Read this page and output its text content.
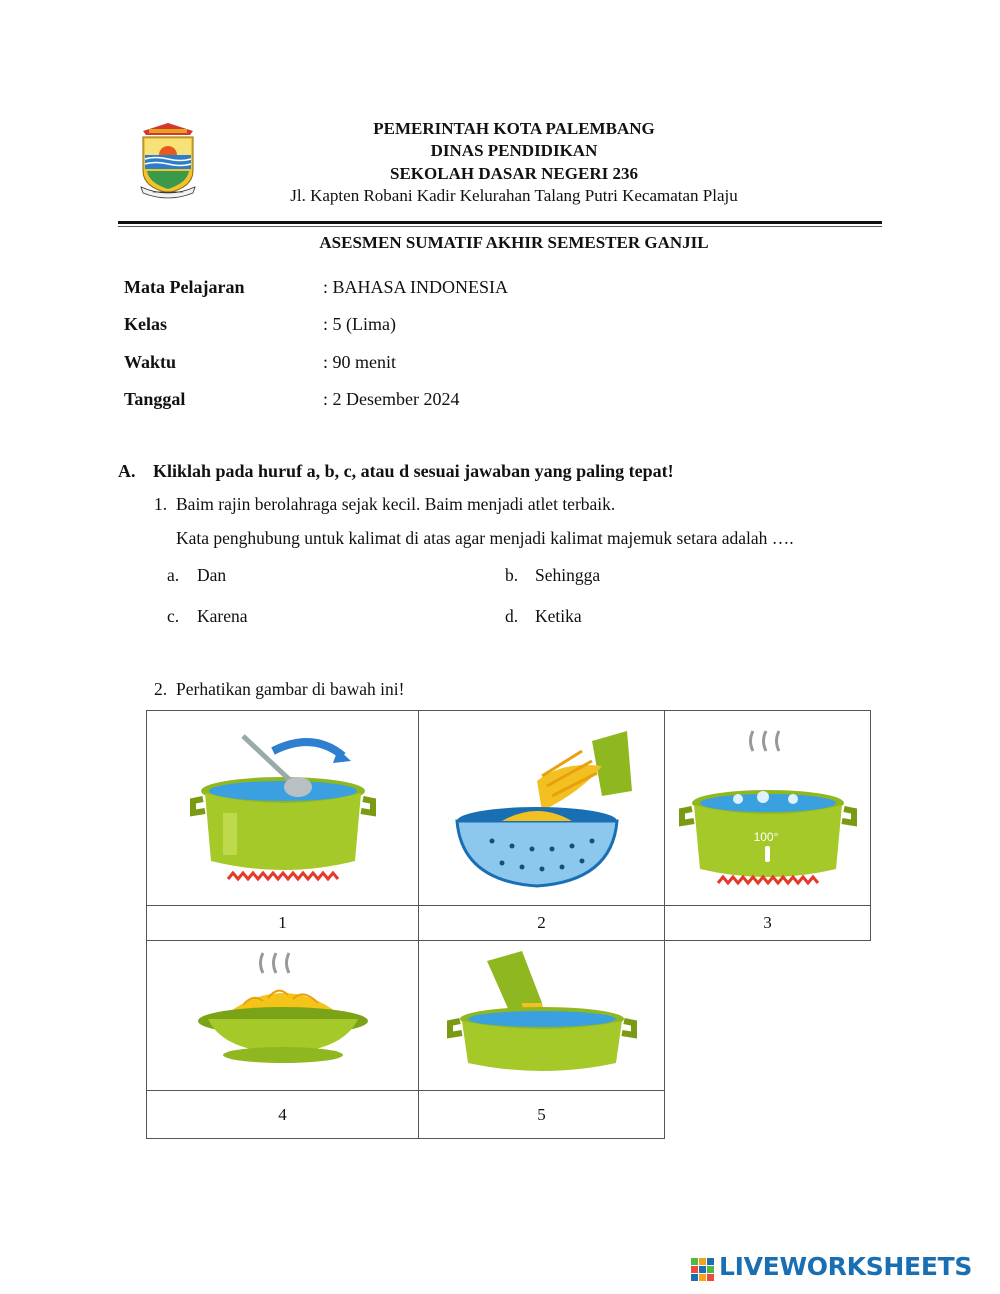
PEMERINTAH KOTA PALEMBANG
DINAS PENDIDIKAN
SEKOLAH DASAR NEGERI 236
Jl. Kapten Robani Kadir Kelurahan Talang Putri Kecamatan Plaju
ASESMEN SUMATIF AKHIR SEMESTER GANJIL
Mata Pelajaran	: BAHASA INDONESIA
Kelas	: 5 (Lima)
Waktu	: 90 menit
Tanggal	: 2 Desember 2024
A. Kliklah pada huruf a, b, c, atau d sesuai jawaban yang paling tepat!
1. Baim rajin berolahraga sejak kecil. Baim menjadi atlet terbaik.
Kata penghubung untuk kalimat di atas agar menjadi kalimat majemuk setara adalah ….
a. Dan	b. Sehingga
c. Karena	d. Ketika
2. Perhatikan gambar di bawah ini!

100°

1	2	3

4	5	
LIVEWORKSHEETS
